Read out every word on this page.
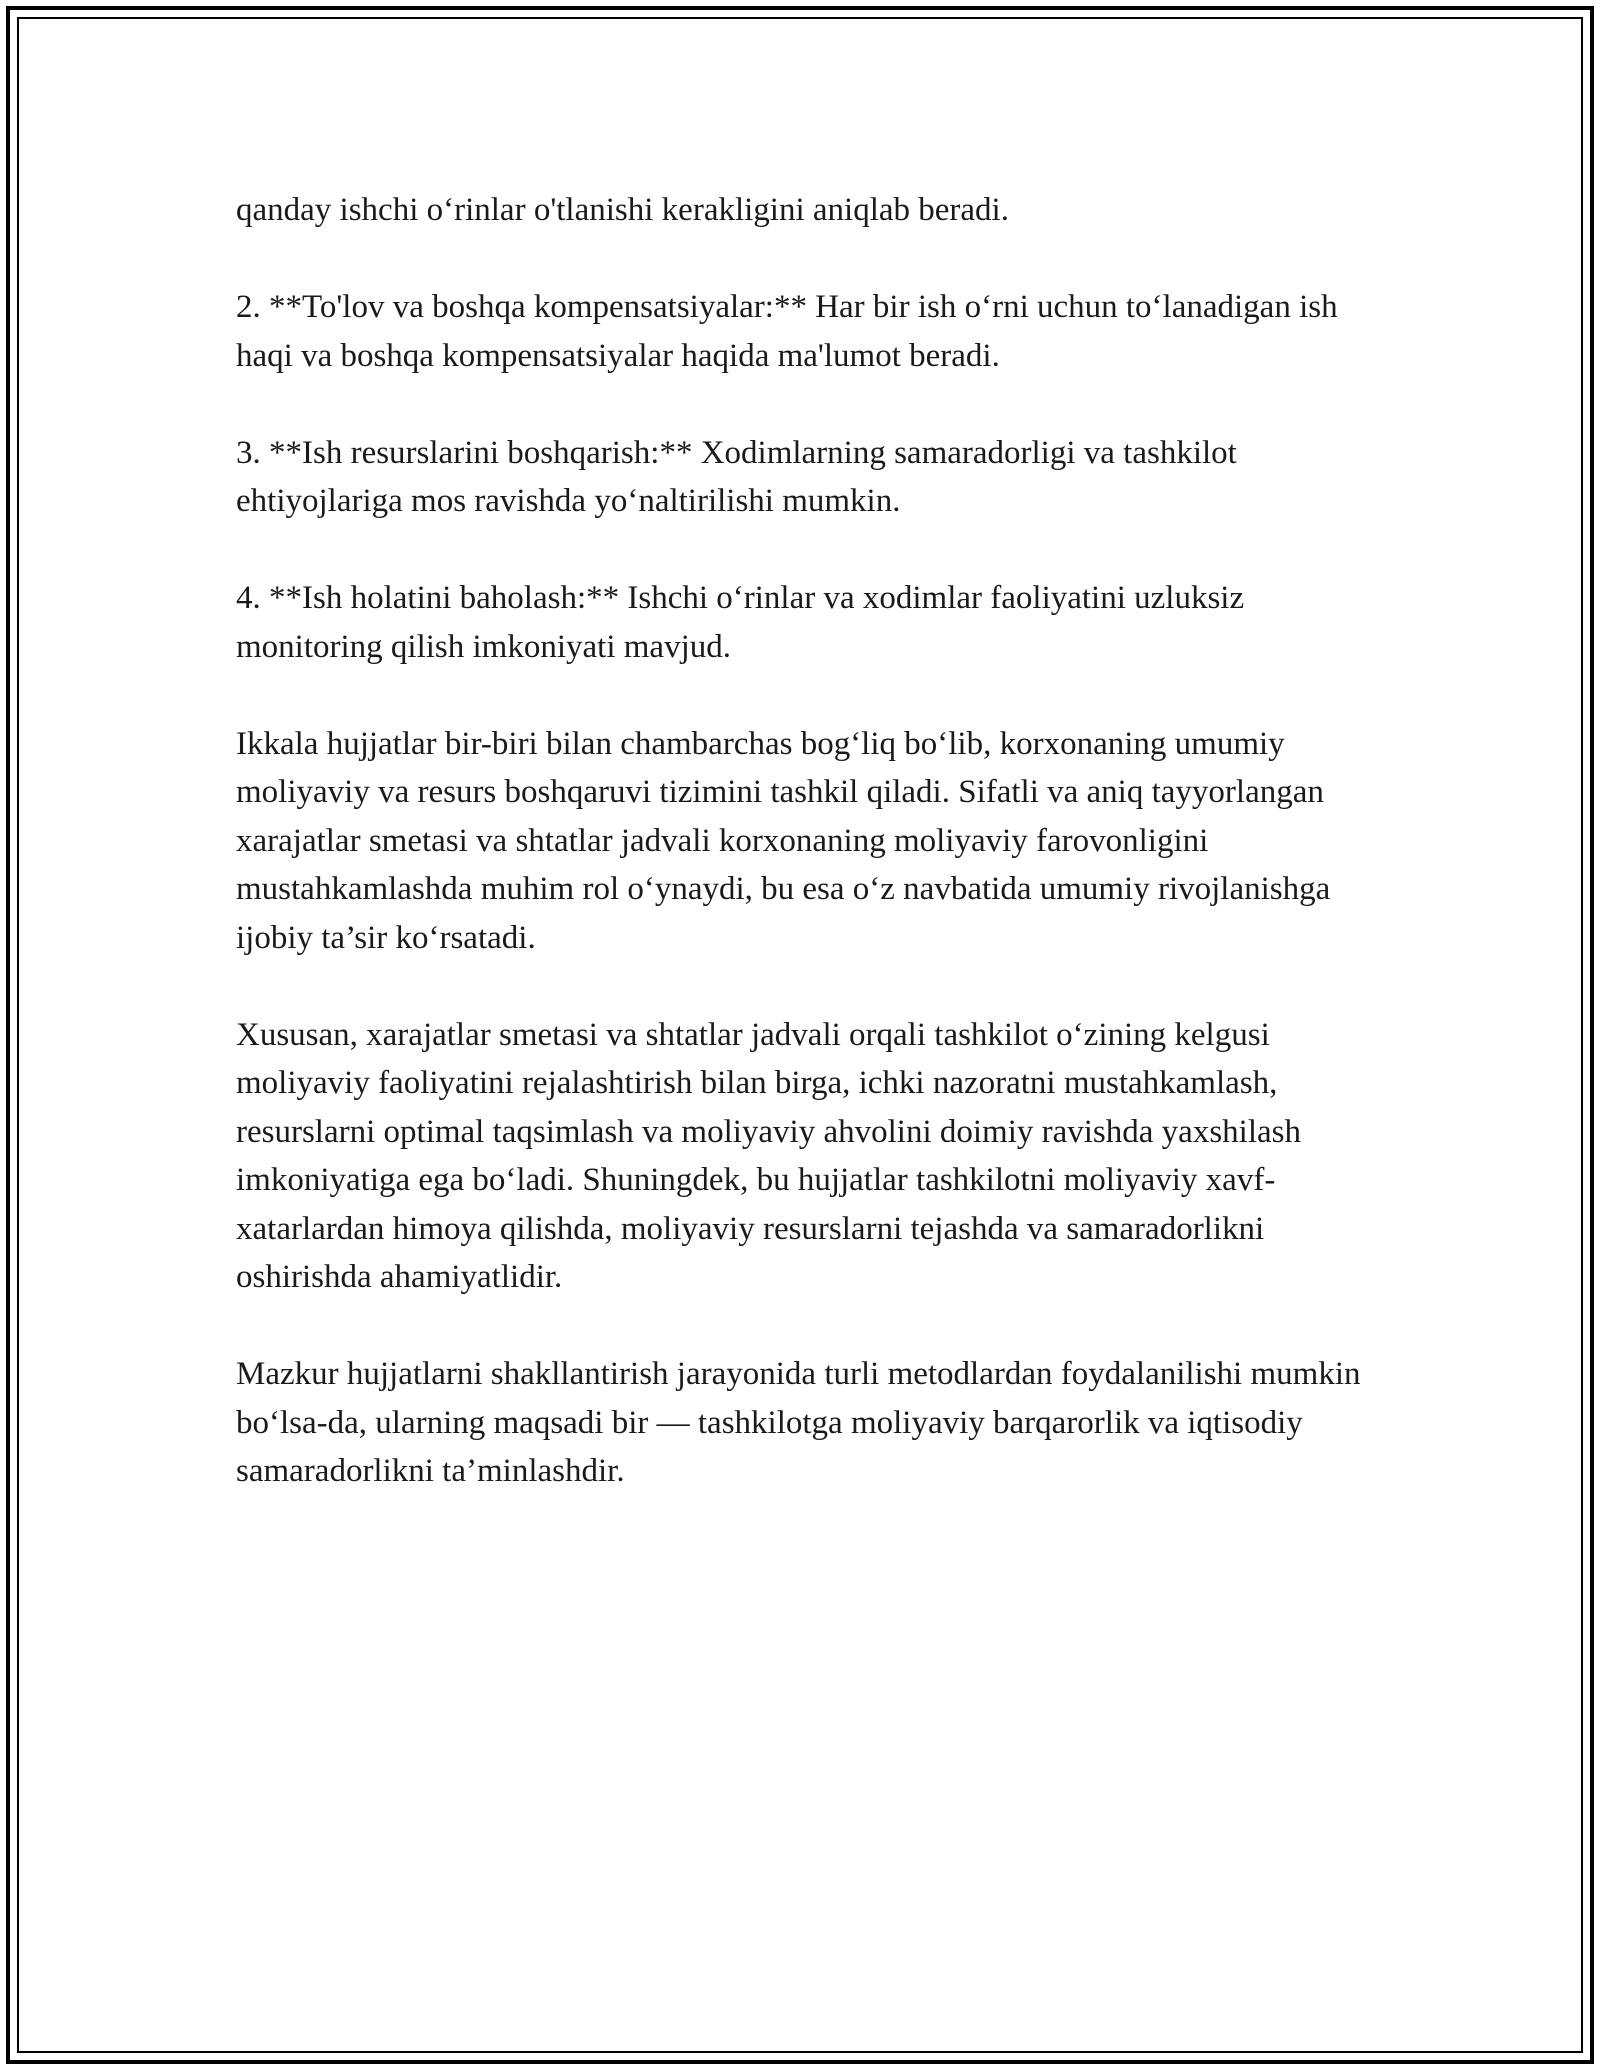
qanday ishchi o‘rinlar o'tlanishi kerakligini aniqlab beradi.

2. **To'lov va boshqa kompensatsiyalar:** Har bir ish o‘rni uchun to‘lanadigan ish haqi va boshqa kompensatsiyalar haqida ma'lumot beradi.

3. **Ish resurslarini boshqarish:** Xodimlarning samaradorligi va tashkilot ehtiyojlariga mos ravishda yo‘naltirilishi mumkin.

4. **Ish holatini baholash:** Ishchi o‘rinlar va xodimlar faoliyatini uzluksiz monitoring qilish imkoniyati mavjud.

Ikkala hujjatlar bir-biri bilan chambarchas bog‘liq bo‘lib, korxonaning umumiy moliyaviy va resurs boshqaruvi tizimini tashkil qiladi. Sifatli va aniq tayyorlangan xarajatlar smetasi va shtatlar jadvali korxonaning moliyaviy farovonligini mustahkamlashda muhim rol o‘ynaydi, bu esa o‘z navbatida umumiy rivojlanishga ijobiy ta’sir ko‘rsatadi.

Xususan, xarajatlar smetasi va shtatlar jadvali orqali tashkilot o‘zining kelgusi moliyaviy faoliyatini rejalashtirish bilan birga, ichki nazoratni mustahkamlash, resurslarni optimal taqsimlash va moliyaviy ahvolini doimiy ravishda yaxshilash imkoniyatiga ega bo‘ladi. Shuningdek, bu hujjatlar tashkilotni moliyaviy xavf-xatarlardan himoya qilishda, moliyaviy resurslarni tejashda va samaradorlikni oshirishda ahamiyatlidir.

Mazkur hujjatlarni shakllantirish jarayonida turli metodlardan foydalanilishi mumkin bo‘lsa-da, ularning maqsadi bir — tashkilotga moliyaviy barqarorlik va iqtisodiy samaradorlikni ta’minlashdir.
